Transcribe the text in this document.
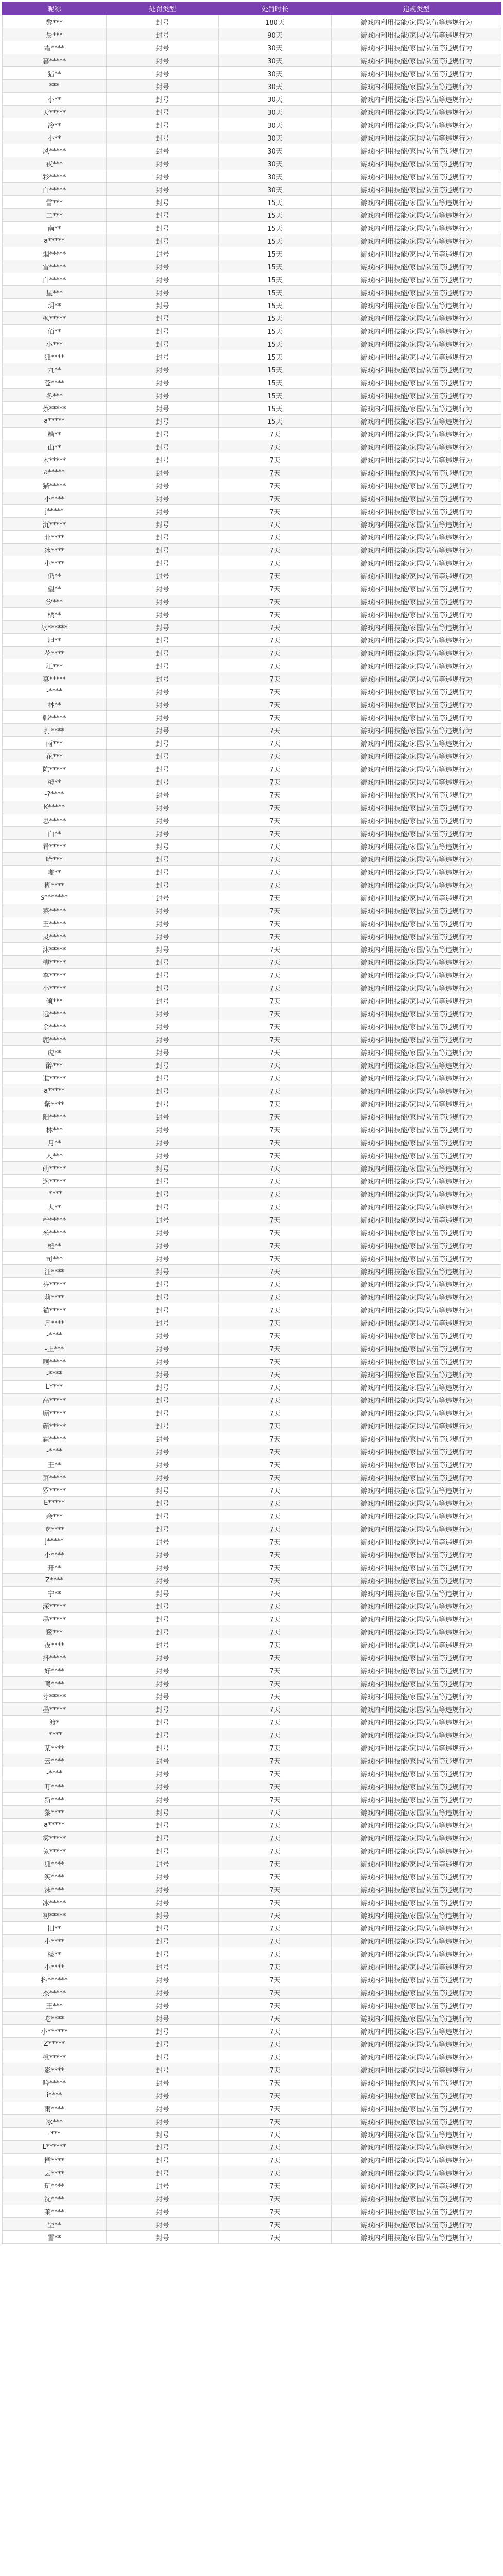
昵称	处罚类型	处罚时长	违规类型
黎***	封号	180天	游戏内利用技能/家园/队伍等违规行为
晨***	封号	90天	游戏内利用技能/家园/队伍等违规行为
霜****	封号	30天	游戏内利用技能/家园/队伍等违规行为
暮*****	封号	30天	游戏内利用技能/家园/队伍等违规行为
猎**	封号	30天	游戏内利用技能/家园/队伍等违规行为
***	封号	30天	游戏内利用技能/家园/队伍等违规行为
小**	封号	30天	游戏内利用技能/家园/队伍等违规行为
天*****	封号	30天	游戏内利用技能/家园/队伍等违规行为
冷**	封号	30天	游戏内利用技能/家园/队伍等违规行为
小**	封号	30天	游戏内利用技能/家园/队伍等违规行为
风*****	封号	30天	游戏内利用技能/家园/队伍等违规行为
夜***	封号	30天	游戏内利用技能/家园/队伍等违规行为
彩*****	封号	30天	游戏内利用技能/家园/队伍等违规行为
白*****	封号	30天	游戏内利用技能/家园/队伍等违规行为
雪***	封号	15天	游戏内利用技能/家园/队伍等违规行为
二***	封号	15天	游戏内利用技能/家园/队伍等违规行为
南**	封号	15天	游戏内利用技能/家园/队伍等违规行为
a*****	封号	15天	游戏内利用技能/家园/队伍等违规行为
烟*****	封号	15天	游戏内利用技能/家园/队伍等违规行为
雪*****	封号	15天	游戏内利用技能/家园/队伍等违规行为
白*****	封号	15天	游戏内利用技能/家园/队伍等违规行为
星***	封号	15天	游戏内利用技能/家园/队伍等违规行为
玥**	封号	15天	游戏内利用技能/家园/队伍等违规行为
枫*****	封号	15天	游戏内利用技能/家园/队伍等违规行为
佰**	封号	15天	游戏内利用技能/家园/队伍等违规行为
小***	封号	15天	游戏内利用技能/家园/队伍等违规行为
狐****	封号	15天	游戏内利用技能/家园/队伍等违规行为
九**	封号	15天	游戏内利用技能/家园/队伍等违规行为
苍****	封号	15天	游戏内利用技能/家园/队伍等违规行为
冬***	封号	15天	游戏内利用技能/家园/队伍等违规行为
蔡*****	封号	15天	游戏内利用技能/家园/队伍等违规行为
a*****	封号	15天	游戏内利用技能/家园/队伍等违规行为
糖**	封号	7天	游戏内利用技能/家园/队伍等违规行为
山**	封号	7天	游戏内利用技能/家园/队伍等违规行为
木*****	封号	7天	游戏内利用技能/家园/队伍等违规行为
a*****	封号	7天	游戏内利用技能/家园/队伍等违规行为
猫*****	封号	7天	游戏内利用技能/家园/队伍等违规行为
小****	封号	7天	游戏内利用技能/家园/队伍等违规行为
j*****	封号	7天	游戏内利用技能/家园/队伍等违规行为
沉*****	封号	7天	游戏内利用技能/家园/队伍等违规行为
北****	封号	7天	游戏内利用技能/家园/队伍等违规行为
冰****	封号	7天	游戏内利用技能/家园/队伍等违规行为
小****	封号	7天	游戏内利用技能/家园/队伍等违规行为
仍**	封号	7天	游戏内利用技能/家园/队伍等违规行为
望**	封号	7天	游戏内利用技能/家园/队伍等违规行为
汐***	封号	7天	游戏内利用技能/家园/队伍等违规行为
橘**	封号	7天	游戏内利用技能/家园/队伍等违规行为
冰******	封号	7天	游戏内利用技能/家园/队伍等违规行为
旭**	封号	7天	游戏内利用技能/家园/队伍等违规行为
花****	封号	7天	游戏内利用技能/家园/队伍等违规行为
江***	封号	7天	游戏内利用技能/家园/队伍等违规行为
莫*****	封号	7天	游戏内利用技能/家园/队伍等违规行为
-****	封号	7天	游戏内利用技能/家园/队伍等违规行为
林**	封号	7天	游戏内利用技能/家园/队伍等违规行为
韩*****	封号	7天	游戏内利用技能/家园/队伍等违规行为
打****	封号	7天	游戏内利用技能/家园/队伍等违规行为
雨***	封号	7天	游戏内利用技能/家园/队伍等违规行为
花***	封号	7天	游戏内利用技能/家园/队伍等违规行为
陈*****	封号	7天	游戏内利用技能/家园/队伍等违规行为
橙**	封号	7天	游戏内利用技能/家园/队伍等违规行为
-?****	封号	7天	游戏内利用技能/家园/队伍等违规行为
K*****	封号	7天	游戏内利用技能/家园/队伍等违规行为
思*****	封号	7天	游戏内利用技能/家园/队伍等违规行为
白**	封号	7天	游戏内利用技能/家园/队伍等违规行为
希*****	封号	7天	游戏内利用技能/家园/队伍等违规行为
哈***	封号	7天	游戏内利用技能/家园/队伍等违规行为
嘟**	封号	7天	游戏内利用技能/家园/队伍等违规行为
糊****	封号	7天	游戏内利用技能/家园/队伍等违规行为
s*******	封号	7天	游戏内利用技能/家园/队伍等违规行为
菜*****	封号	7天	游戏内利用技能/家园/队伍等违规行为
王*****	封号	7天	游戏内利用技能/家园/队伍等违规行为
灵*****	封号	7天	游戏内利用技能/家园/队伍等违规行为
沐*****	封号	7天	游戏内利用技能/家园/队伍等违规行为
柳*****	封号	7天	游戏内利用技能/家园/队伍等违规行为
李*****	封号	7天	游戏内利用技能/家园/队伍等违规行为
小*****	封号	7天	游戏内利用技能/家园/队伍等违规行为
倾***	封号	7天	游戏内利用技能/家园/队伍等违规行为
远*****	封号	7天	游戏内利用技能/家园/队伍等违规行为
余*****	封号	7天	游戏内利用技能/家园/队伍等违规行为
鹿*****	封号	7天	游戏内利用技能/家园/队伍等违规行为
虎**	封号	7天	游戏内利用技能/家园/队伍等违规行为
醉***	封号	7天	游戏内利用技能/家园/队伍等违规行为
谁*****	封号	7天	游戏内利用技能/家园/队伍等违规行为
a*****	封号	7天	游戏内利用技能/家园/队伍等违规行为
紫****	封号	7天	游戏内利用技能/家园/队伍等违规行为
阳*****	封号	7天	游戏内利用技能/家园/队伍等违规行为
林***	封号	7天	游戏内利用技能/家园/队伍等违规行为
月**	封号	7天	游戏内利用技能/家园/队伍等违规行为
人***	封号	7天	游戏内利用技能/家园/队伍等违规行为
萌*****	封号	7天	游戏内利用技能/家园/队伍等违规行为
逸*****	封号	7天	游戏内利用技能/家园/队伍等违规行为
-****	封号	7天	游戏内利用技能/家园/队伍等违规行为
大**	封号	7天	游戏内利用技能/家园/队伍等违规行为
柠*****	封号	7天	游戏内利用技能/家园/队伍等违规行为
米*****	封号	7天	游戏内利用技能/家园/队伍等违规行为
橙**	封号	7天	游戏内利用技能/家园/队伍等违规行为
司***	封号	7天	游戏内利用技能/家园/队伍等违规行为
汪****	封号	7天	游戏内利用技能/家园/队伍等违规行为
芬*****	封号	7天	游戏内利用技能/家园/队伍等违规行为
莉****	封号	7天	游戏内利用技能/家园/队伍等违规行为
猫*****	封号	7天	游戏内利用技能/家园/队伍等违规行为
月****	封号	7天	游戏内利用技能/家园/队伍等违规行为
-****	封号	7天	游戏内利用技能/家园/队伍等违规行为
-上***	封号	7天	游戏内利用技能/家园/队伍等违规行为
啊*****	封号	7天	游戏内利用技能/家园/队伍等违规行为
-****	封号	7天	游戏内利用技能/家园/队伍等违规行为
L****	封号	7天	游戏内利用技能/家园/队伍等违规行为
高*****	封号	7天	游戏内利用技能/家园/队伍等违规行为
顾*****	封号	7天	游戏内利用技能/家园/队伍等违规行为
颜*****	封号	7天	游戏内利用技能/家园/队伍等违规行为
霜*****	封号	7天	游戏内利用技能/家园/队伍等违规行为
-****	封号	7天	游戏内利用技能/家园/队伍等违规行为
王**	封号	7天	游戏内利用技能/家园/队伍等违规行为
萧*****	封号	7天	游戏内利用技能/家园/队伍等违规行为
罗*****	封号	7天	游戏内利用技能/家园/队伍等违规行为
E*****	封号	7天	游戏内利用技能/家园/队伍等违规行为
余***	封号	7天	游戏内利用技能/家园/队伍等违规行为
吃****	封号	7天	游戏内利用技能/家园/队伍等违规行为
J*****	封号	7天	游戏内利用技能/家园/队伍等违规行为
小****	封号	7天	游戏内利用技能/家园/队伍等违规行为
开**	封号	7天	游戏内利用技能/家园/队伍等违规行为
Z****	封号	7天	游戏内利用技能/家园/队伍等违规行为
宁**	封号	7天	游戏内利用技能/家园/队伍等违规行为
深*****	封号	7天	游戏内利用技能/家园/队伍等违规行为
墨*****	封号	7天	游戏内利用技能/家园/队伍等违规行为
鹭***	封号	7天	游戏内利用技能/家园/队伍等违规行为
夜****	封号	7天	游戏内利用技能/家园/队伍等违规行为
抖*****	封号	7天	游戏内利用技能/家园/队伍等违规行为
好****	封号	7天	游戏内利用技能/家园/队伍等违规行为
鸣****	封号	7天	游戏内利用技能/家园/队伍等违规行为
芽*****	封号	7天	游戏内利用技能/家园/队伍等违规行为
墨*****	封号	7天	游戏内利用技能/家园/队伍等违规行为
渡*	封号	7天	游戏内利用技能/家园/队伍等违规行为
-****	封号	7天	游戏内利用技能/家园/队伍等违规行为
某****	封号	7天	游戏内利用技能/家园/队伍等违规行为
云****	封号	7天	游戏内利用技能/家园/队伍等违规行为
-****	封号	7天	游戏内利用技能/家园/队伍等违规行为
叮****	封号	7天	游戏内利用技能/家园/队伍等违规行为
新****	封号	7天	游戏内利用技能/家园/队伍等违规行为
黎****	封号	7天	游戏内利用技能/家园/队伍等违规行为
a*****	封号	7天	游戏内利用技能/家园/队伍等违规行为
雾*****	封号	7天	游戏内利用技能/家园/队伍等违规行为
兔*****	封号	7天	游戏内利用技能/家园/队伍等违规行为
狐****	封号	7天	游戏内利用技能/家园/队伍等违规行为
笑****	封号	7天	游戏内利用技能/家园/队伍等违规行为
沫****	封号	7天	游戏内利用技能/家园/队伍等违规行为
冰*****	封号	7天	游戏内利用技能/家园/队伍等违规行为
初*****	封号	7天	游戏内利用技能/家园/队伍等违规行为
旧**	封号	7天	游戏内利用技能/家园/队伍等违规行为
小****	封号	7天	游戏内利用技能/家园/队伍等违规行为
檬**	封号	7天	游戏内利用技能/家园/队伍等违规行为
小****	封号	7天	游戏内利用技能/家园/队伍等违规行为
抖******	封号	7天	游戏内利用技能/家园/队伍等违规行为
杰*****	封号	7天	游戏内利用技能/家园/队伍等违规行为
王***	封号	7天	游戏内利用技能/家园/队伍等违规行为
吃****	封号	7天	游戏内利用技能/家园/队伍等违规行为
小******	封号	7天	游戏内利用技能/家园/队伍等违规行为
Z*****	封号	7天	游戏内利用技能/家园/队伍等违规行为
桃*****	封号	7天	游戏内利用技能/家园/队伍等违规行为
影****	封号	7天	游戏内利用技能/家园/队伍等违规行为
吟*****	封号	7天	游戏内利用技能/家园/队伍等违规行为
i****	封号	7天	游戏内利用技能/家园/队伍等违规行为
雨****	封号	7天	游戏内利用技能/家园/队伍等违规行为
冰***	封号	7天	游戏内利用技能/家园/队伍等违规行为
-***	封号	7天	游戏内利用技能/家园/队伍等违规行为
L******	封号	7天	游戏内利用技能/家园/队伍等违规行为
糯****	封号	7天	游戏内利用技能/家园/队伍等违规行为
云****	封号	7天	游戏内利用技能/家园/队伍等违规行为
玩****	封号	7天	游戏内利用技能/家园/队伍等违规行为
沈****	封号	7天	游戏内利用技能/家园/队伍等违规行为
莱****	封号	7天	游戏内利用技能/家园/队伍等违规行为
空**	封号	7天	游戏内利用技能/家园/队伍等违规行为
雪**	封号	7天	游戏内利用技能/家园/队伍等违规行为
